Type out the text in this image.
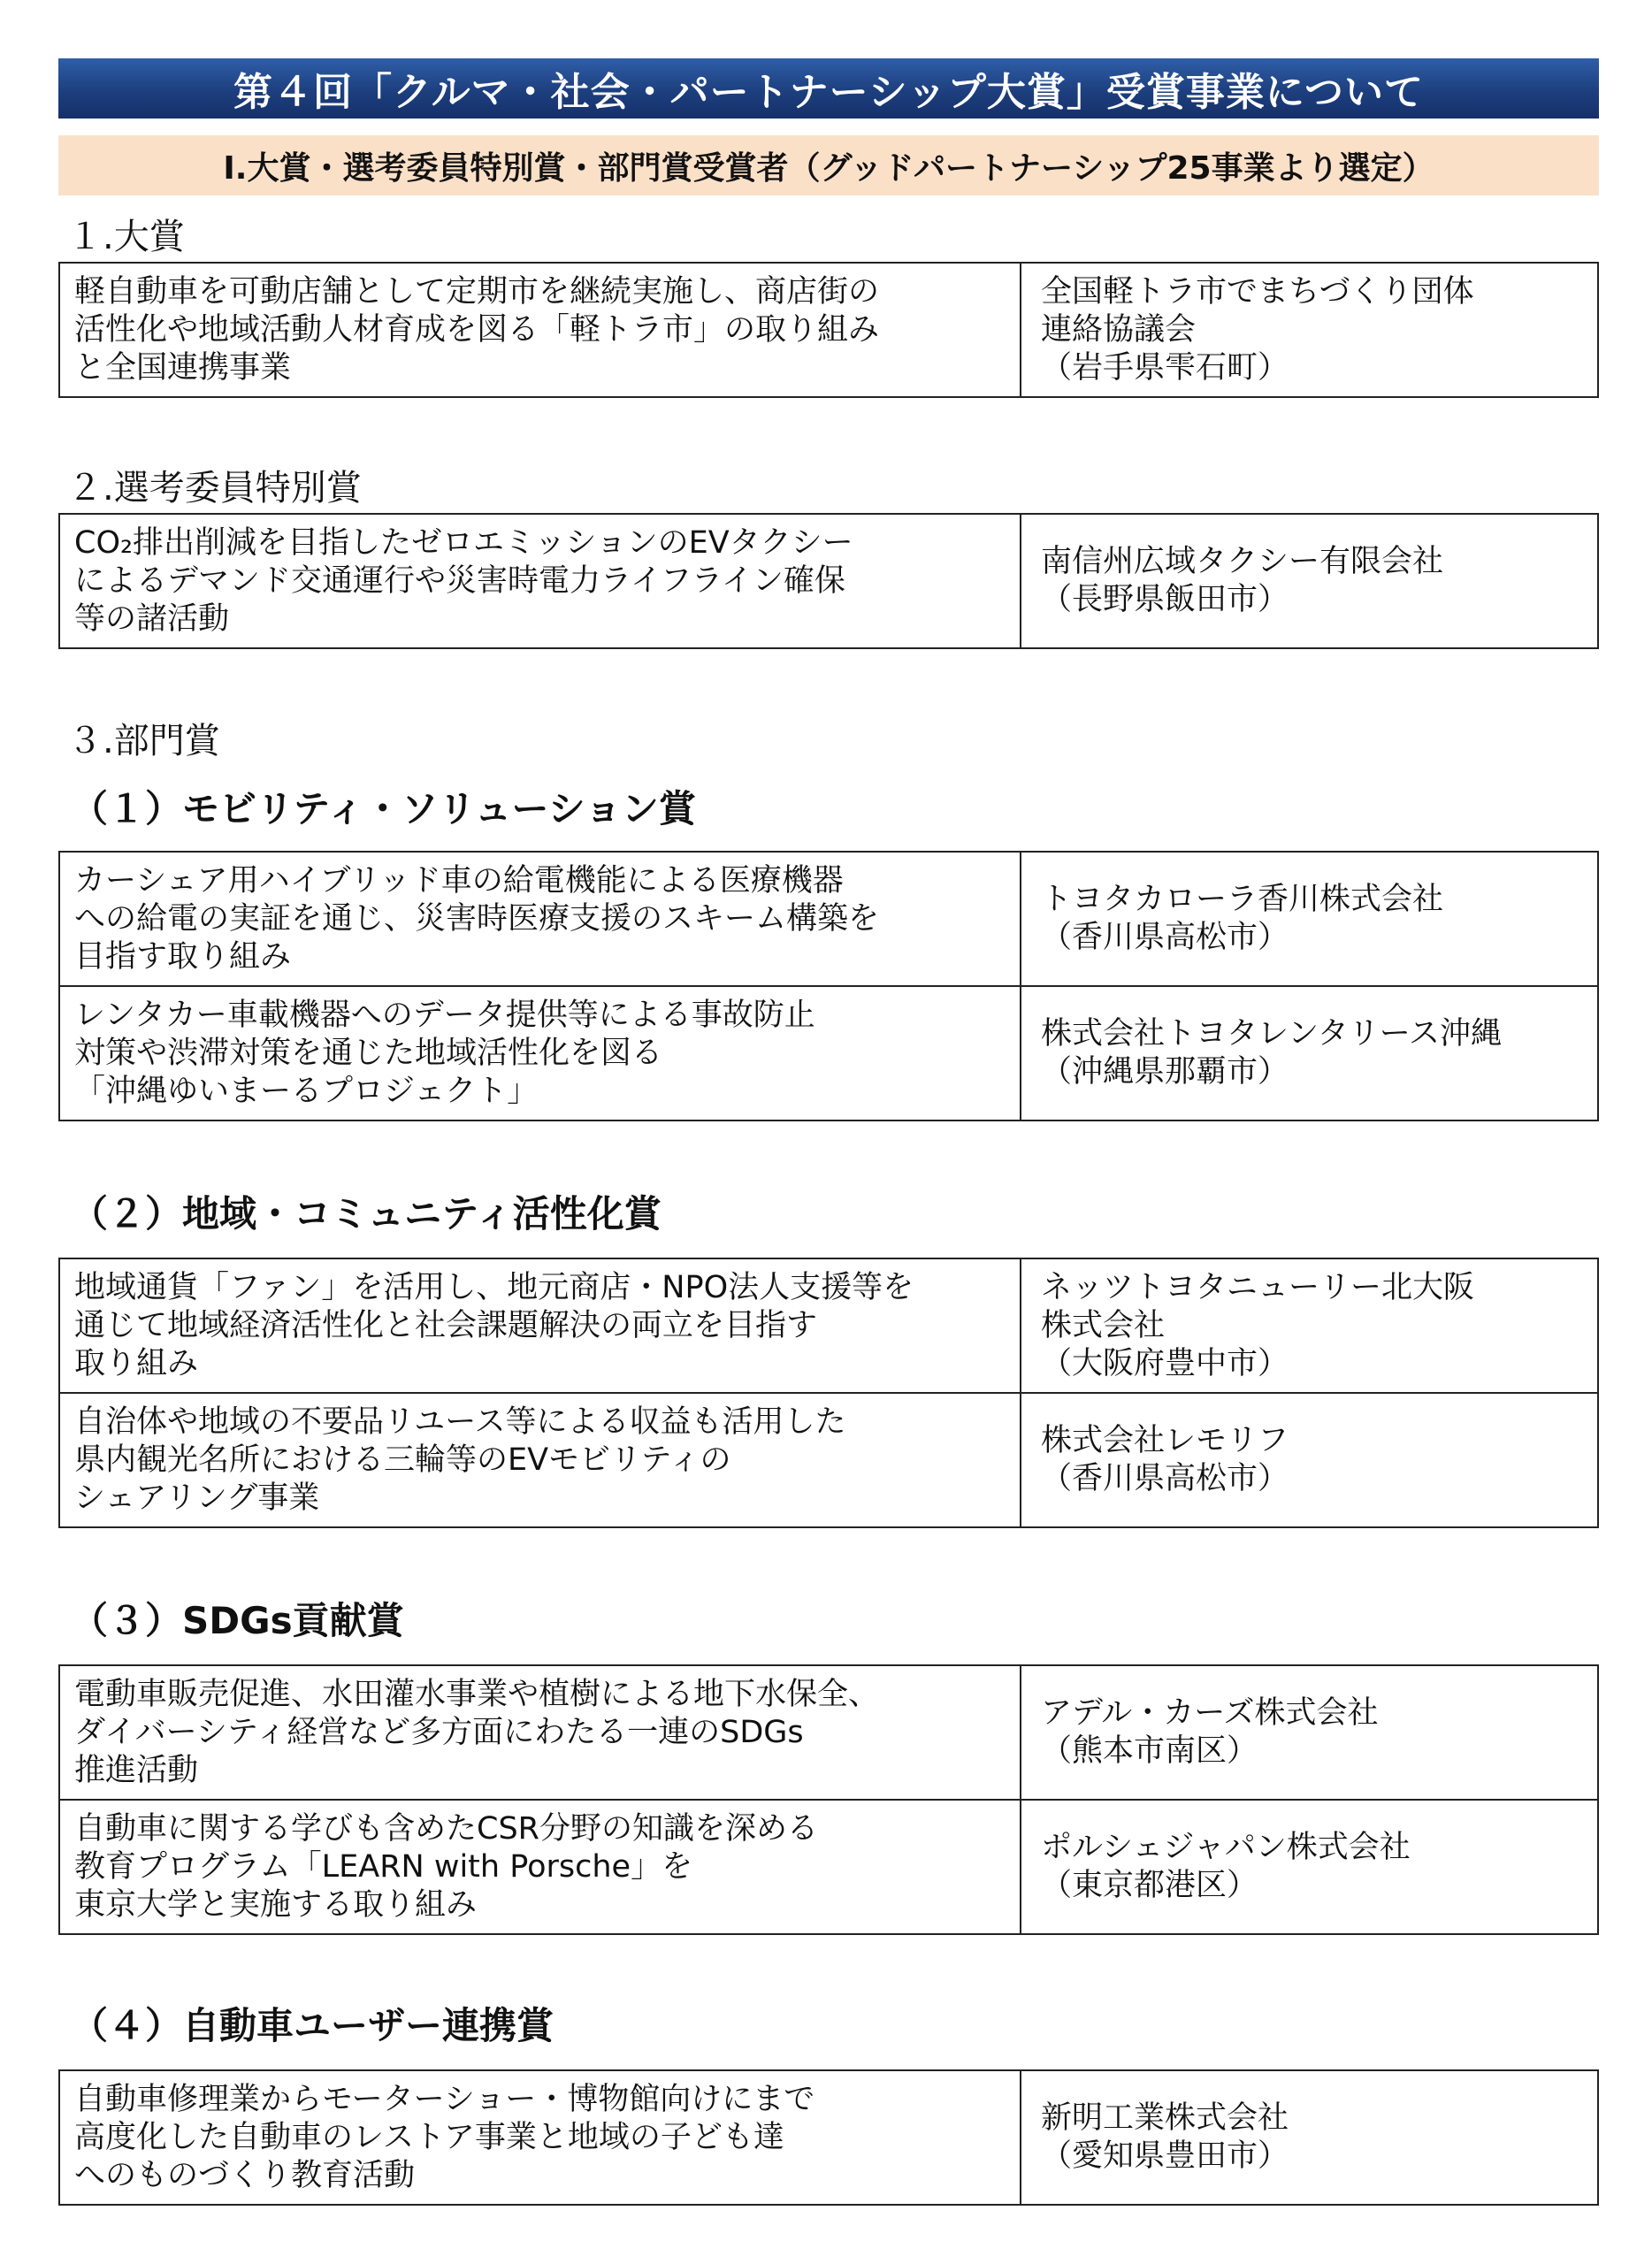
第４回「クルマ・社会・パートナーシップ大賞」受賞事業について
Ⅰ.大賞・選考委員特別賞・部門賞受賞者（グッドパートナーシップ25事業より選定）
１.大賞
軽自動車を可動店舗として定期市を継続実施し、商店街の
活性化や地域活動人材育成を図る「軽トラ市」の取り組み
と全国連携事業

全国軽トラ市でまちづくり団体
連絡協議会
（岩手県雫石町）
２.選考委員特別賞
CO₂排出削減を目指したゼロエミッションのEVタクシー
によるデマンド交通運行や災害時電力ライフライン確保
等の諸活動

南信州広域タクシー有限会社
（長野県飯田市）
３.部門賞
（１）モビリティ・ソリューション賞
カーシェア用ハイブリッド車の給電機能による医療機器
への給電の実証を通じ、災害時医療支援のスキーム構築を
目指す取り組み	トヨタカローラ香川株式会社
（香川県高松市）

レンタカー車載機器へのデータ提供等による事故防止
対策や渋滞対策を通じた地域活性化を図る
「沖縄ゆいまーるプロジェクト」	株式会社トヨタレンタリース沖縄
（沖縄県那覇市）
（２）地域・コミュニティ活性化賞
地域通貨「ファン」を活用し、地元商店・NPO法人支援等を
通じて地域経済活性化と社会課題解決の両立を目指す
取り組み	ネッツトヨタニューリー北大阪
株式会社
（大阪府豊中市）

自治体や地域の不要品リユース等による収益も活用した
県内観光名所における三輪等のEVモビリティの
シェアリング事業	株式会社レモリフ
（香川県高松市）
（３）SDGs貢献賞
電動車販売促進、水田灌水事業や植樹による地下水保全、
ダイバーシティ経営など多方面にわたる一連のSDGs
推進活動	アデル・カーズ株式会社
（熊本市南区）

自動車に関する学びも含めたCSR分野の知識を深める
教育プログラム「LEARN with Porsche」を
東京大学と実施する取り組み	ポルシェジャパン株式会社
（東京都港区）
（４）自動車ユーザー連携賞
自動車修理業からモーターショー・博物館向けにまで
高度化した自動車のレストア事業と地域の子ども達
へのものづくり教育活動

新明工業株式会社
（愛知県豊田市）
